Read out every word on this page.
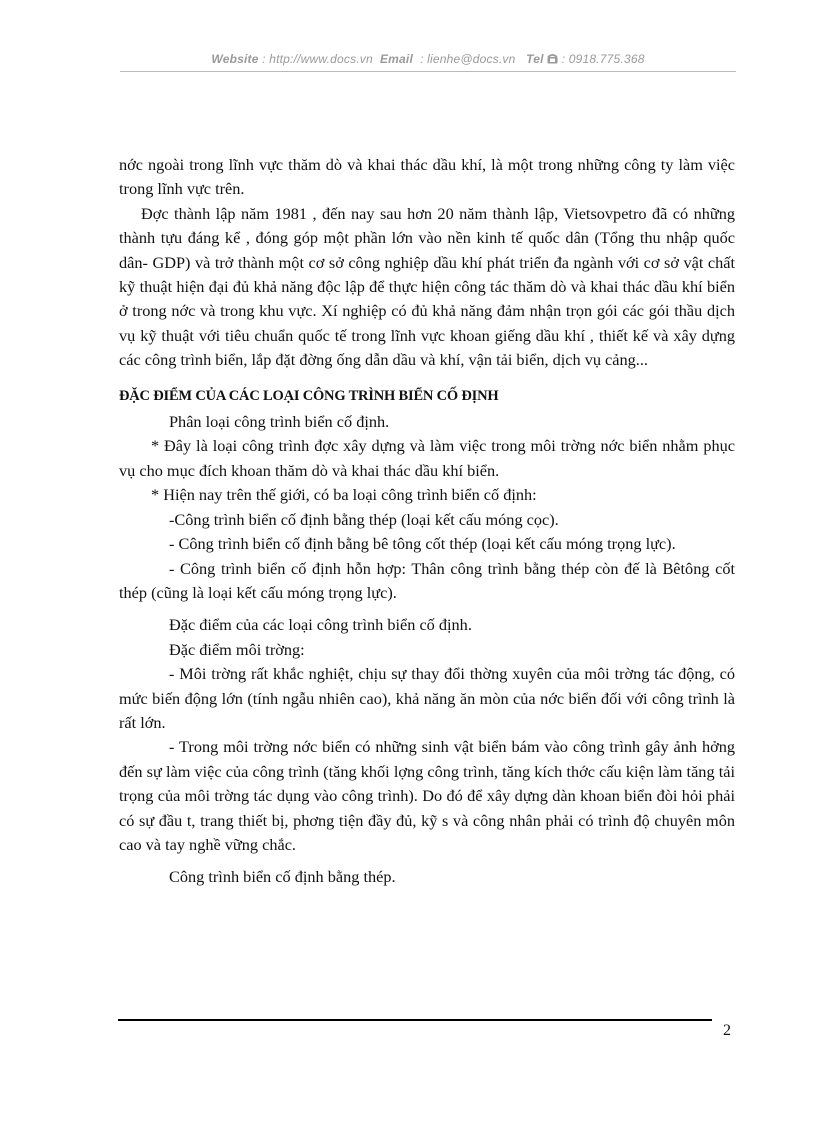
Website : http://www.docs.vn Email : lienhe@docs.vn Tel : 0918.775.368

nớc ngoài trong lĩnh vực thăm dò và khai thác dầu khí, là một trong những công ty làm việc trong lĩnh vực trên.

Đợc thành lập năm 1981 , đến nay sau hơn 20 năm thành lập, Vietsovpetro đã có những thành tựu đáng kể , đóng góp một phần lớn vào nền kinh tế quốc dân (Tổng thu nhập quốc dân- GDP) và trở thành một cơ sở công nghiệp dầu khí phát triển đa ngành với cơ sở vật chất kỹ thuật hiện đại đủ khả năng độc lập để thực hiện công tác thăm dò và khai thác dầu khí biển ở trong nớc và trong khu vực. Xí nghiệp có đủ khả năng đảm nhận trọn gói các gói thầu dịch vụ kỹ thuật với tiêu chuẩn quốc tế trong lĩnh vực khoan giếng dầu khí , thiết kế và xây dựng các công trình biển, lắp đặt đờng ống dẫn dầu và khí, vận tải biển, dịch vụ cảng...

ĐẶC ĐIỂM CỦA CÁC LOẠI CÔNG TRÌNH BIỂN CỐ ĐỊNH

Phân loại công trình biển cố định.

* Đây là loại công trình đợc xây dựng và làm việc trong môi trờng nớc biển nhằm phục vụ cho mục đích khoan thăm dò và khai thác dầu khí biển.

* Hiện nay trên thế giới, có ba loại công trình biển cố định:

-Công trình biển cố định bằng thép (loại kết cấu móng cọc).

- Công trình biển cố định bằng bê tông cốt thép (loại kết cấu móng trọng lực).

- Công trình biển cố định hỗn hợp: Thân công trình bằng thép còn đế là Bêtông cốt thép (cũng là loại kết cấu móng trọng lực).

Đặc điểm của các loại công trình biển cố định.

Đặc điểm môi trờng:

- Môi trờng rất khắc nghiệt, chịu sự thay đổi thờng xuyên của môi trờng tác động, có mức biến động lớn (tính ngẫu nhiên cao), khả năng ăn mòn của nớc biển đối với công trình là rất lớn.

- Trong môi trờng nớc biển có những sinh vật biển bám vào công trình gây ảnh hởng đến sự làm việc của công trình (tăng khối lợng công trình, tăng kích thớc cấu kiện làm tăng tải trọng của môi trờng tác dụng vào công trình). Do đó để xây dựng dàn khoan biển đòi hỏi phải có sự đầu t, trang thiết bị, phơng tiện đầy đủ, kỹ s và công nhân phải có trình độ chuyên môn cao và tay nghề vững chắc.

Công trình biển cố định bằng thép.

2
